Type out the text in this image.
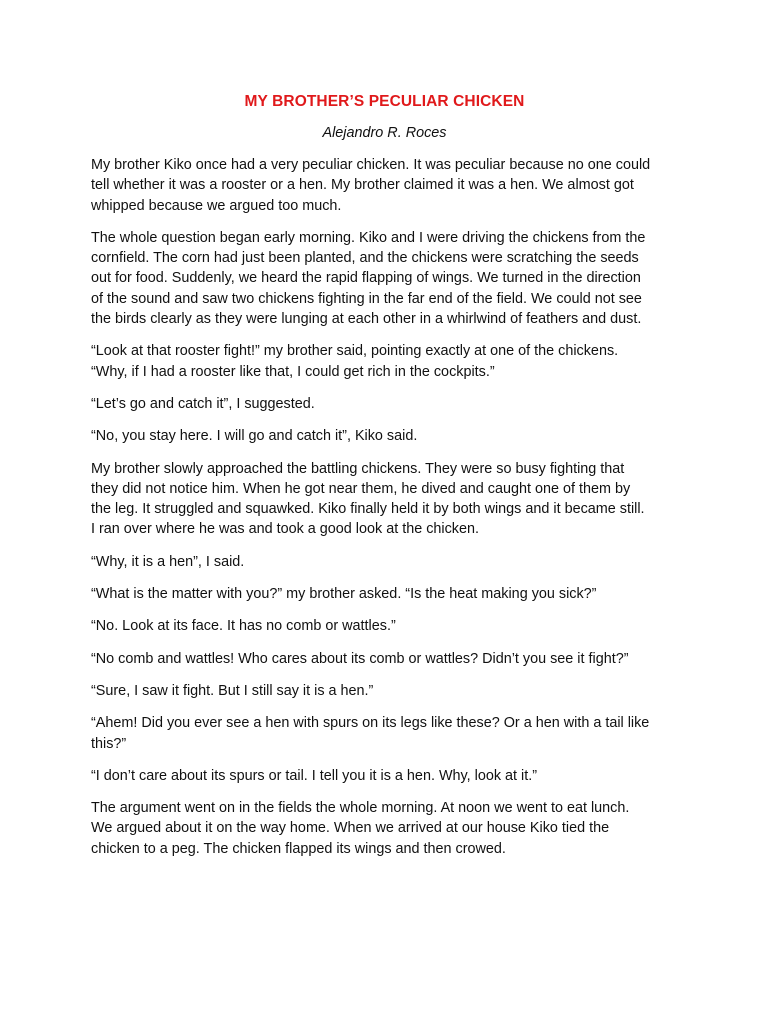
MY BROTHER’S PECULIAR CHICKEN

Alejandro R. Roces

My brother Kiko once had a very peculiar chicken. It was peculiar because no one could
tell whether it was a rooster or a hen. My brother claimed it was a hen. We almost got
whipped because we argued too much.

The whole question began early morning. Kiko and I were driving the chickens from the
cornfield. The corn had just been planted, and the chickens were scratching the seeds
out for food. Suddenly, we heard the rapid flapping of wings. We turned in the direction
of the sound and saw two chickens fighting in the far end of the field. We could not see
the birds clearly as they were lunging at each other in a whirlwind of feathers and dust.

“Look at that rooster fight!” my brother said, pointing exactly at one of the chickens.
“Why, if I had a rooster like that, I could get rich in the cockpits.”

“Let’s go and catch it”, I suggested.

“No, you stay here. I will go and catch it”, Kiko said.

My brother slowly approached the battling chickens. They were so busy fighting that
they did not notice him. When he got near them, he dived and caught one of them by
the leg. It struggled and squawked. Kiko finally held it by both wings and it became still.
I ran over where he was and took a good look at the chicken.

“Why, it is a hen”, I said.

“What is the matter with you?” my brother asked. “Is the heat making you sick?”

“No. Look at its face. It has no comb or wattles.”

“No comb and wattles! Who cares about its comb or wattles? Didn’t you see it fight?”

“Sure, I saw it fight. But I still say it is a hen.”

“Ahem! Did you ever see a hen with spurs on its legs like these? Or a hen with a tail like
this?”

“I don’t care about its spurs or tail. I tell you it is a hen. Why, look at it.”

The argument went on in the fields the whole morning. At noon we went to eat lunch.
We argued about it on the way home. When we arrived at our house Kiko tied the
chicken to a peg. The chicken flapped its wings and then crowed.
